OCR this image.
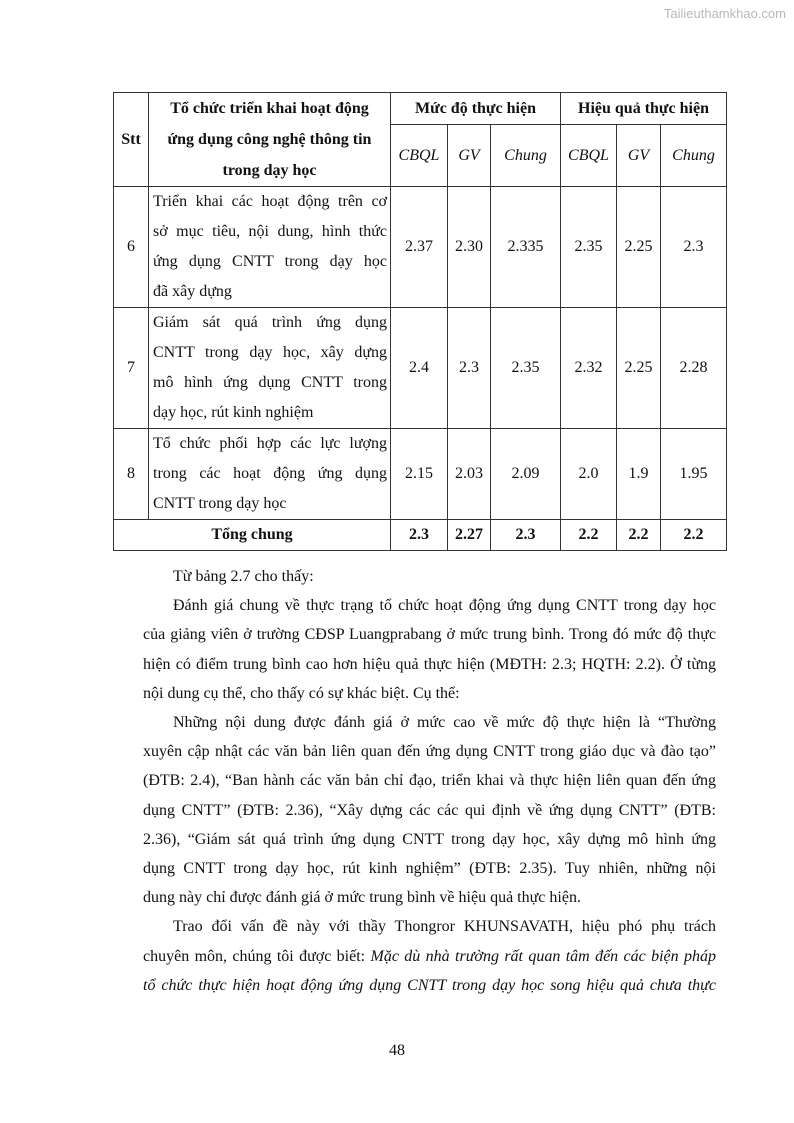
Tailieuthamkhao.com
Stt	Tổ chức triển khai hoạt động
ứng dụng công nghệ thông tin
trong dạy học	Mức độ thực hiện			Hiệu quả thực hiện		
		CBQL	GV	Chung	CBQL	GV	Chung
6	Triển khai các hoạt động trên cơ
sở mục tiêu, nội dung, hình thức
ứng dụng CNTT trong dạy học
đã xây dựng	2.37	2.30	2.335	2.35	2.25	2.3
7	Giám sát quá trình ứng dụng
CNTT trong dạy học, xây dựng
mô hình ứng dụng CNTT trong
dạy học, rút kinh nghiệm	2.4	2.3	2.35	2.32	2.25	2.28
8	Tổ chức phối hợp các lực lượng
trong các hoạt động ứng dụng
CNTT trong dạy học	2.15	2.03	2.09	2.0	1.9	1.95
Tổng chung		2.3	2.27	2.3	2.2	2.2	2.2
Từ bảng 2.7 cho thấy:
Đánh giá chung về thực trạng tổ chức hoạt động ứng dụng CNTT trong dạy học
của giảng viên ở trường CĐSP Luangprabang ở mức trung bình. Trong đó mức độ thực
hiện có điểm trung bình cao hơn hiệu quả thực hiện (MĐTH: 2.3; HQTH: 2.2). Ở từng
nội dung cụ thể, cho thấy có sự khác biệt. Cụ thể:
Những nội dung được đánh giá ở mức cao về mức độ thực hiện là “Thường
xuyên cập nhật các văn bản liên quan đến ứng dụng CNTT trong giáo dục và đào tạo”
(ĐTB: 2.4), “Ban hành các văn bản chỉ đạo, triển khai và thực hiện liên quan đến ứng
dụng CNTT” (ĐTB: 2.36), “Xây dựng các các qui định về ứng dụng CNTT” (ĐTB:
2.36), “Giám sát quá trình ứng dụng CNTT trong dạy học, xây dựng mô hình ứng
dụng CNTT trong dạy học, rút kinh nghiệm” (ĐTB: 2.35). Tuy nhiên, những nội
dung này chỉ được đánh giá ở mức trung bình về hiệu quả thực hiện.
Trao đổi vấn đề này với thầy Thongror KHUNSAVATH, hiệu phó phụ trách
chuyên môn, chúng tôi được biết: Mặc dù nhà trường rất quan tâm đến các biện pháp
tổ chức thực hiện hoạt động ứng dụng CNTT trong dạy học song hiệu quả chưa thực
48
